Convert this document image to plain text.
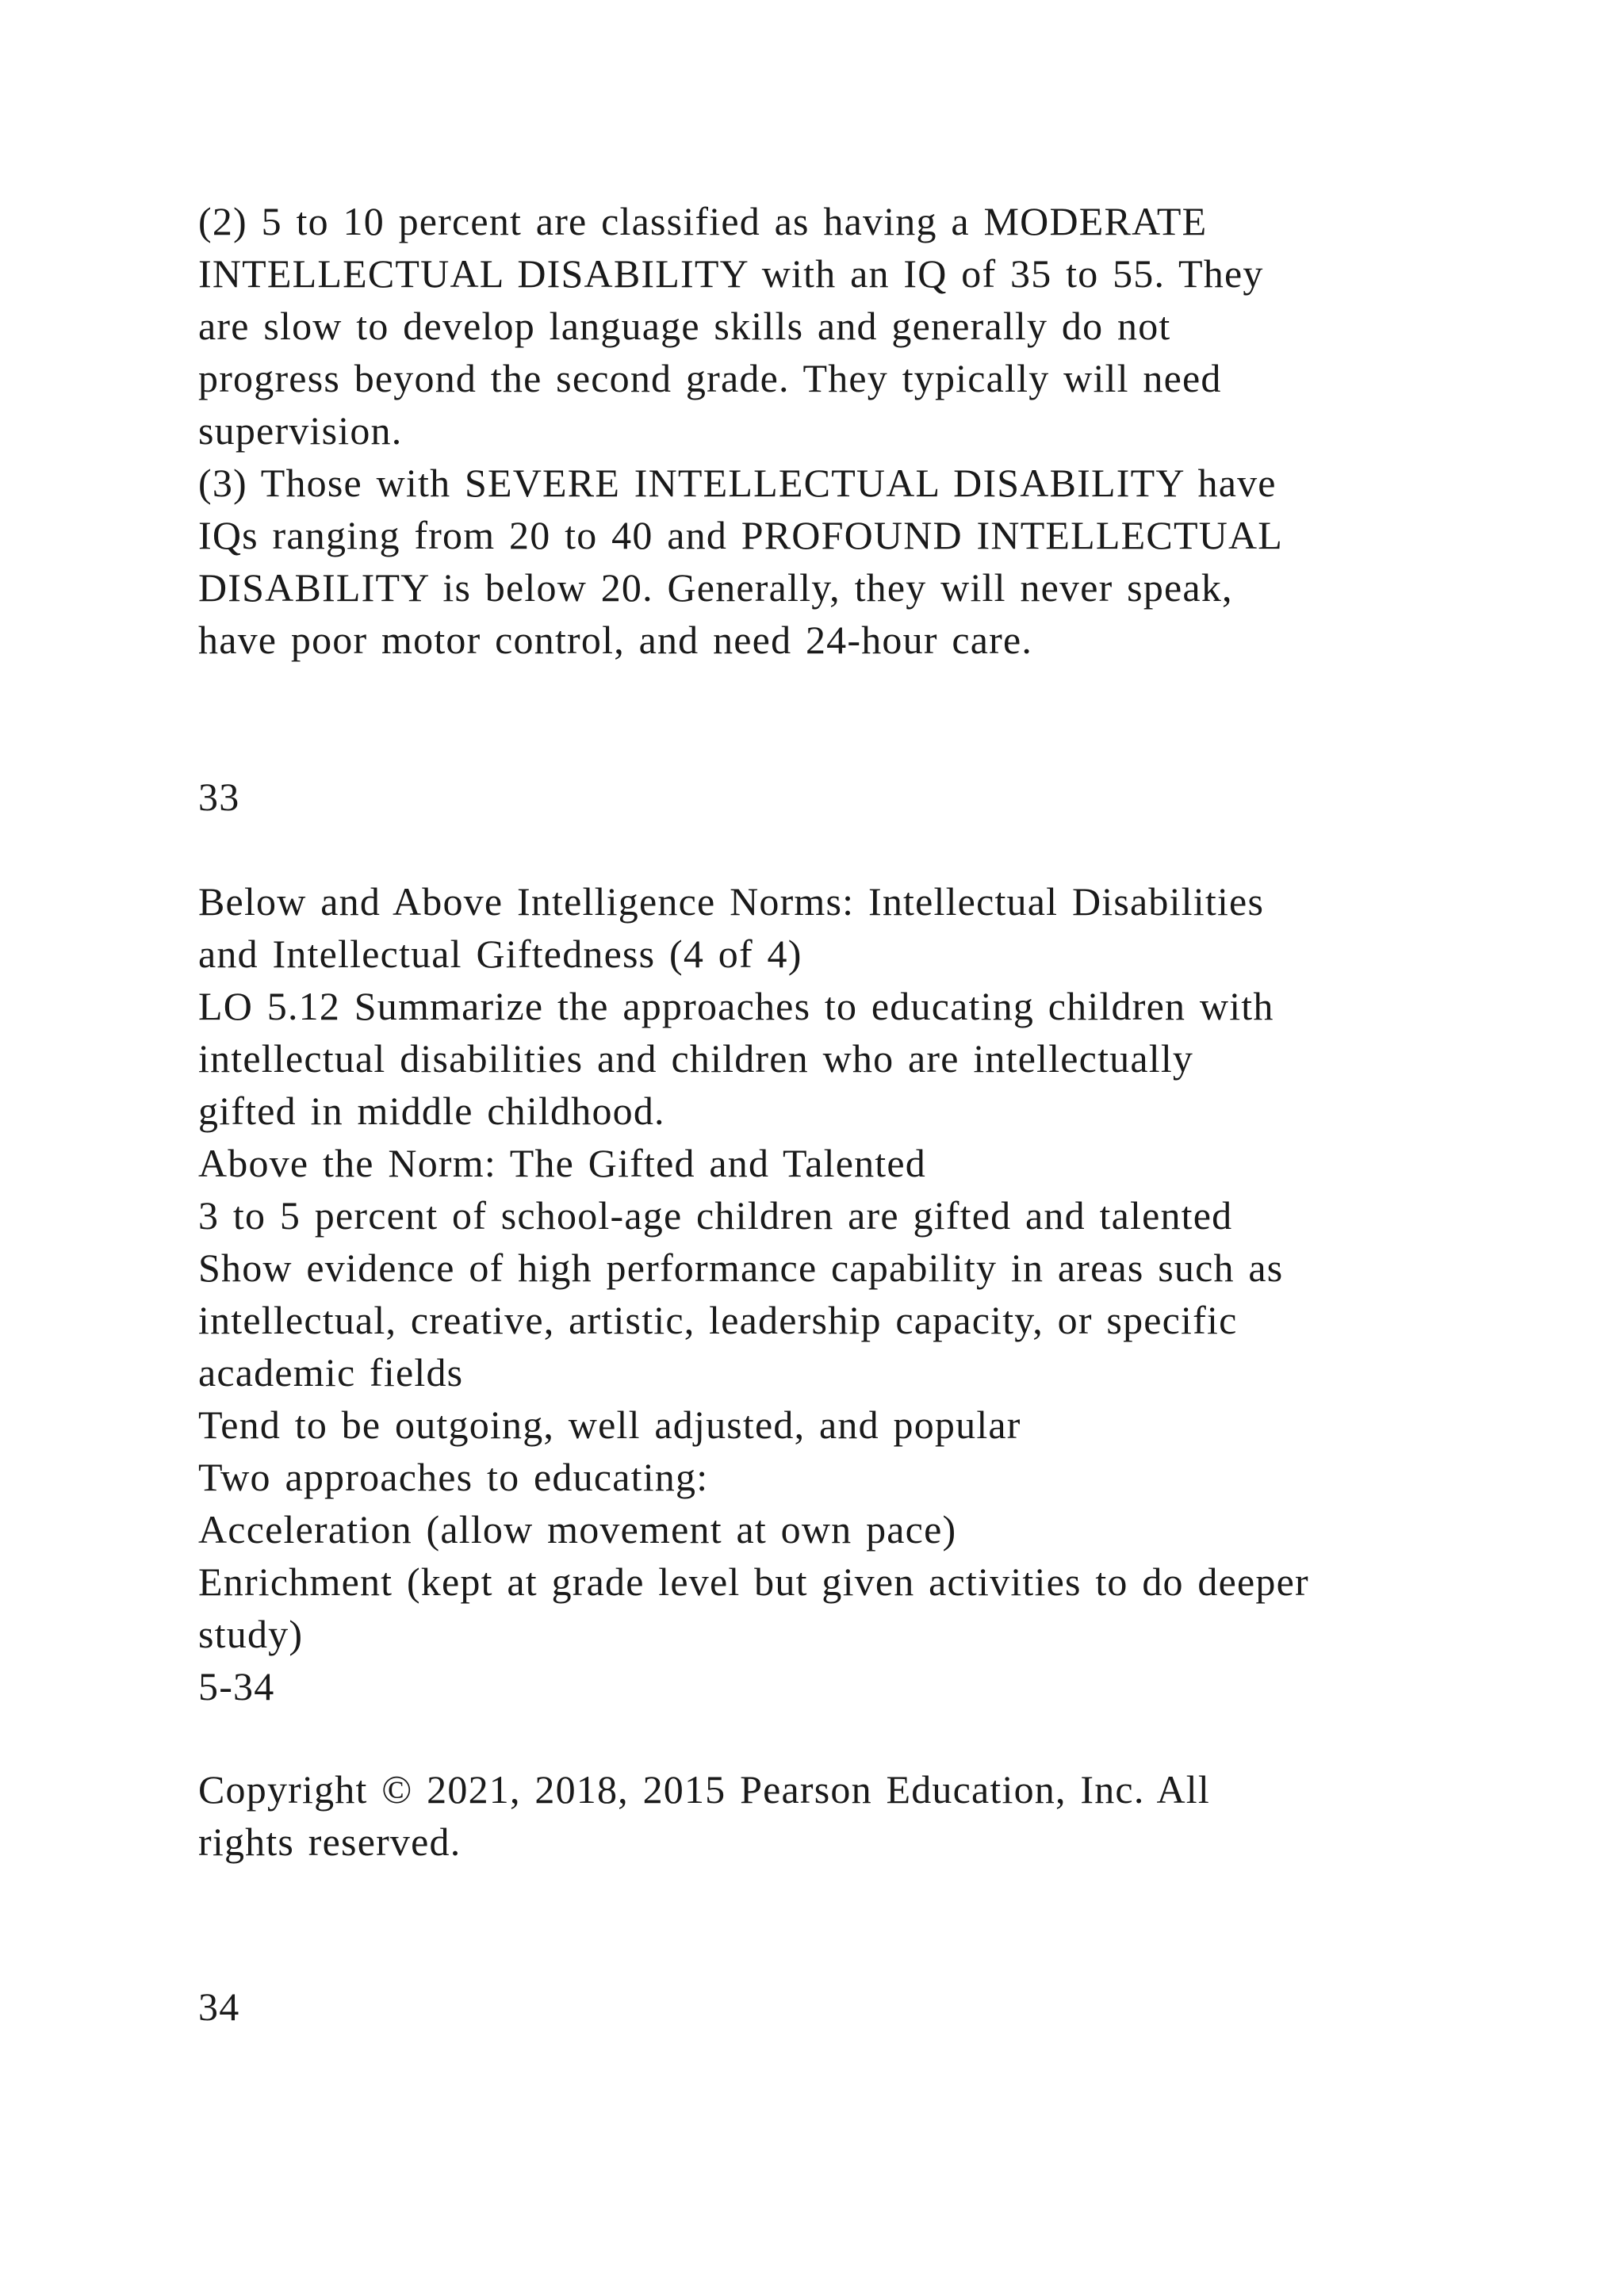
(2) 5 to 10 percent are classified as having a MODERATE
INTELLECTUAL DISABILITY with an IQ of 35 to 55. They
are slow to develop language skills and generally do not
progress beyond the second grade. They typically will need
supervision.
(3) Those with SEVERE INTELLECTUAL DISABILITY have
IQs ranging from 20 to 40 and PROFOUND INTELLECTUAL
DISABILITY is below 20. Generally, they will never speak,
have poor motor control, and need 24-hour care.
33
Below and Above Intelligence Norms: Intellectual Disabilities
and Intellectual Giftedness (4 of 4)
LO 5.12 Summarize the approaches to educating children with
intellectual disabilities and children who are intellectually
gifted in middle childhood.
Above the Norm: The Gifted and Talented
3 to 5 percent of school-age children are gifted and talented
Show evidence of high performance capability in areas such as
intellectual, creative, artistic, leadership capacity, or specific
academic fields
Tend to be outgoing, well adjusted, and popular
Two approaches to educating:
Acceleration (allow movement at own pace)
Enrichment (kept at grade level but given activities to do deeper
study)
5-34
Copyright © 2021, 2018, 2015 Pearson Education, Inc. All
rights reserved.
34
